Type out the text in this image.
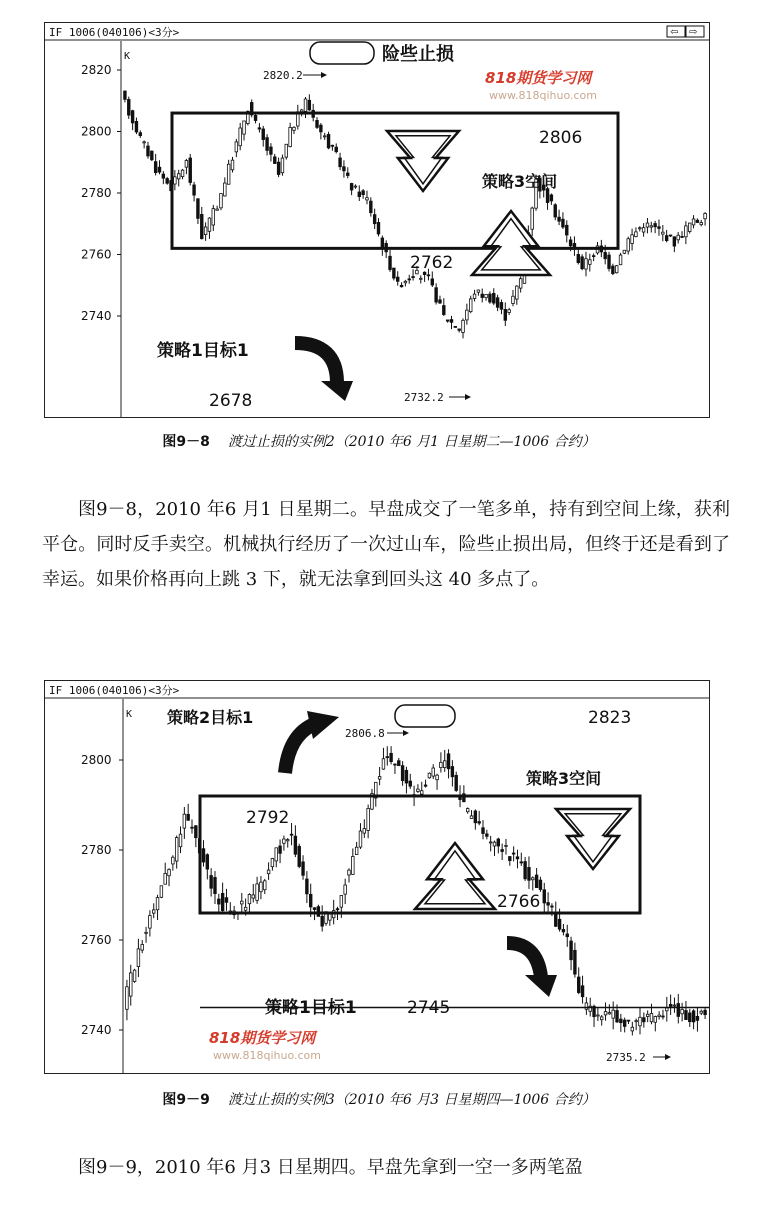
IF 1006(040106)<3分>	⇦ ⇨
K
2820
2800
2780
2760
2740
险些止损
818期货学习网
www.818qihuo.com
2820.2
2806
策略3空间
2762
策略1目标1
2678	2732.2
图9－8 渡过止损的实例2（2010 年6 月1 日星期二—1006 合约）

图9－8，2010 年6 月1 日星期二。早盘成交了一笔多单，持有到空间上缘，获利平仓。同时反手卖空。机械执行经历了一次过山车，险些止损出局，但终于还是看到了幸运。如果价格再向上跳 3 下，就无法拿到回头这 40 多点了。

IF 1006(040106)<3分>
K
2800
2780
2760
2740
策略2目标1
2806.8
2823
策略3空间
2792
2766
策略1目标1	2745
818期货学习网
www.818qihuo.com	2735.2
图9－9 渡过止损的实例3（2010 年6 月3 日星期四—1006 合约）

图9－9，2010 年6 月3 日星期四。早盘先拿到一空一多两笔盈
